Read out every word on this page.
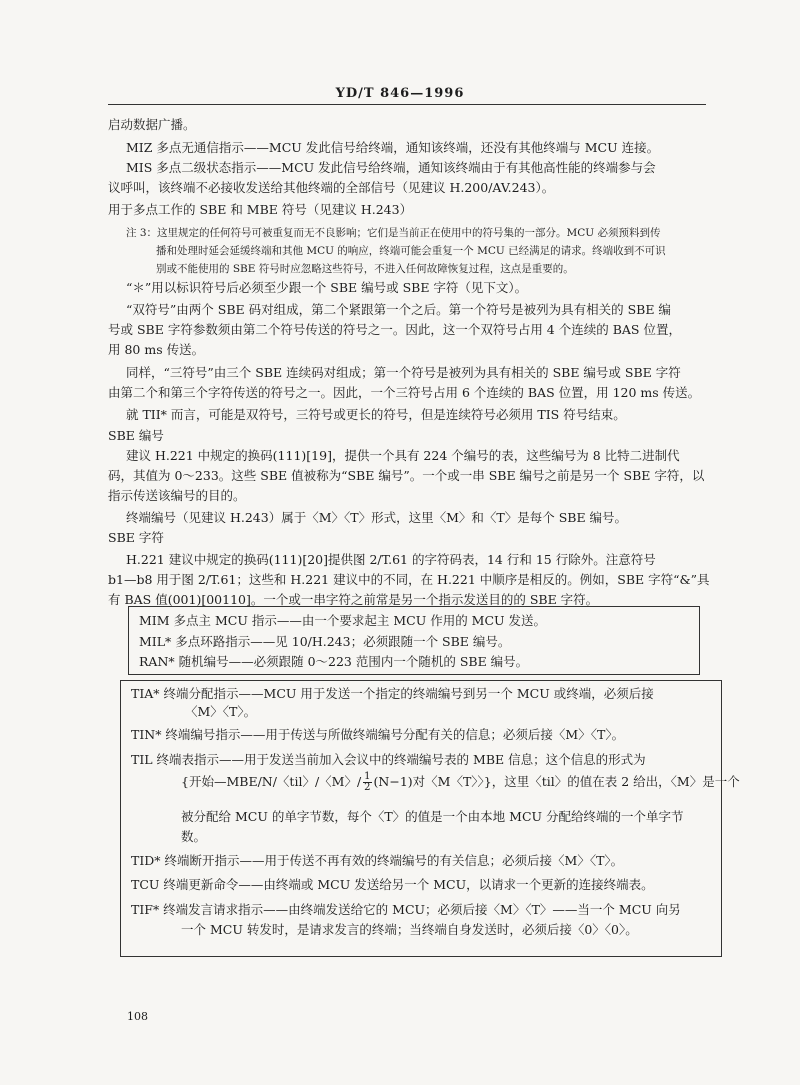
YD/T 846—1996

启动数据广播。

MIZ 多点无通信指示——MCU 发此信号给终端，通知该终端，还没有其他终端与 MCU 连接。

MIS 多点二级状态指示——MCU 发此信号给终端，通知该终端由于有其他高性能的终端参与会

议呼叫，该终端不必接收发送给其他终端的全部信号（见建议 H.200/AV.243）。

用于多点工作的 SBE 和 MBE 符号（见建议 H.243）

注 3：这里规定的任何符号可被重复而无不良影响；它们是当前正在使用中的符号集的一部分。MCU 必须预料到传

播和处理时延会延缓终端和其他 MCU 的响应，终端可能会重复一个 MCU 已经满足的请求。终端收到不可识

别或不能使用的 SBE 符号时应忽略这些符号，不进入任何故障恢复过程，这点是重要的。

“＊”用以标识符号后必须至少跟一个 SBE 编号或 SBE 字符（见下文）。

“双符号”由两个 SBE 码对组成，第二个紧跟第一个之后。第一个符号是被列为具有相关的 SBE 编

号或 SBE 字符参数须由第二个符号传送的符号之一。因此，这一个双符号占用 4 个连续的 BAS 位置，

用 80 ms 传送。

同样，“三符号”由三个 SBE 连续码对组成；第一个符号是被列为具有相关的 SBE 编号或 SBE 字符

由第二个和第三个字符传送的符号之一。因此，一个三符号占用 6 个连续的 BAS 位置，用 120 ms 传送。

就 TII* 而言，可能是双符号，三符号或更长的符号，但是连续符号必须用 TIS 符号结束。

SBE 编号

建议 H.221 中规定的换码(111)[19]，提供一个具有 224 个编号的表，这些编号为 8 比特二进制代

码，其值为 0～233。这些 SBE 值被称为“SBE 编号”。一个或一串 SBE 编号之前是另一个 SBE 字符，以

指示传送该编号的目的。

终端编号（见建议 H.243）属于〈M〉〈T〉形式，这里〈M〉和〈T〉是每个 SBE 编号。

SBE 字符

H.221 建议中规定的换码(111)[20]提供图 2/T.61 的字符码表，14 行和 15 行除外。注意符号

b1—b8 用于图 2/T.61；这些和 H.221 建议中的不同，在 H.221 中顺序是相反的。例如，SBE 字符“&”具

有 BAS 值(001)[00110]。一个或一串字符之前常是另一个指示发送目的的 SBE 字符。

MIM 多点主 MCU 指示——由一个要求起主 MCU 作用的 MCU 发送。

MIL* 多点环路指示——见 10/H.243；必须跟随一个 SBE 编号。

RAN* 随机编号——必须跟随 0～223 范围内一个随机的 SBE 编号。

TIA* 终端分配指示——MCU 用于发送一个指定的终端编号到另一个 MCU 或终端，必须后接

〈M〉〈T〉。

TIN* 终端编号指示——用于传送与所做终端编号分配有关的信息；必须后接〈M〉〈T〉。

TIL 终端表指示——用于发送当前加入会议中的终端编号表的 MBE 信息；这个信息的形式为

{开始—MBE/N/〈til〉/〈M〉/ $\frac{1}{2} (N-1)$对〈M〈T〉〉}，这里〈til〉的值在表 2 给出，〈M〉是一个

被分配给 MCU 的单字节数，每个〈T〉的值是一个由本地 MCU 分配给终端的一个单字节

数。

TID* 终端断开指示——用于传送不再有效的终端编号的有关信息；必须后接〈M〉〈T〉。

TCU 终端更新命令——由终端或 MCU 发送给另一个 MCU，以请求一个更新的连接终端表。

TIF* 终端发言请求指示——由终端发送给它的 MCU；必须后接〈M〉〈T〉——当一个 MCU 向另

一个 MCU 转发时，是请求发言的终端；当终端自身发送时，必须后接〈0〉〈0〉。

108
